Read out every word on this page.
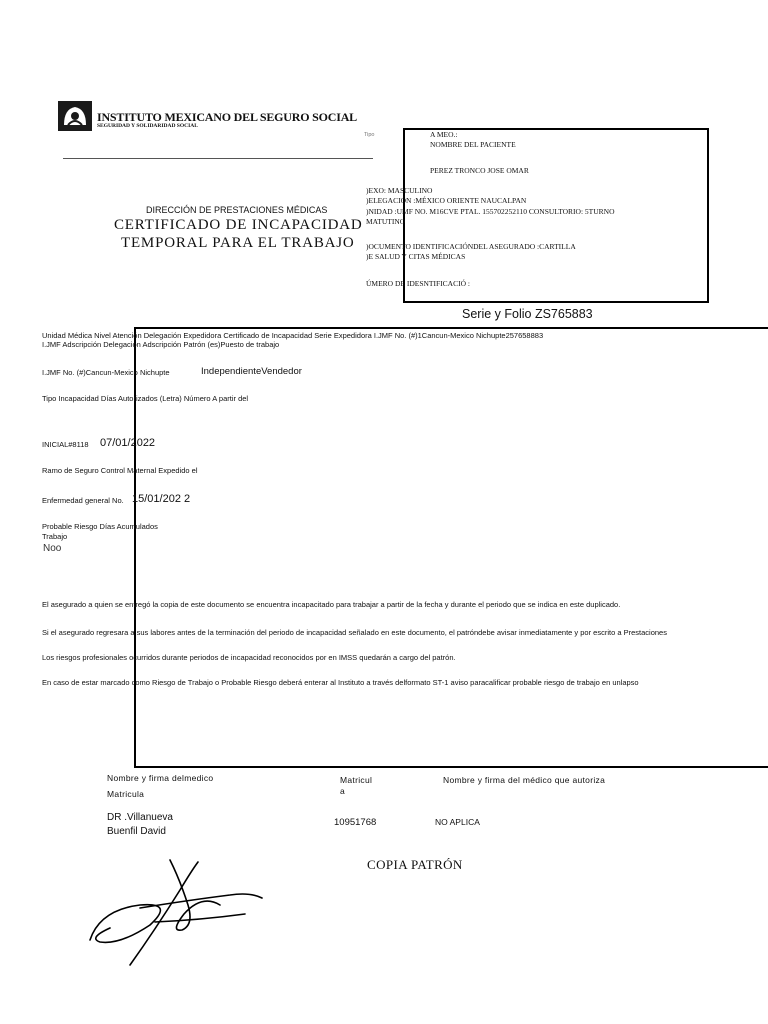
INSTITUTO MEXICANO DEL SEGURO SOCIAL
SEGURIDAD Y SOLIDARIDAD SOCIAL
Tipo
DIRECCIÓN DE PRESTACIONES MÉDICAS
CERTIFICADO DE INCAPACIDAD
TEMPORAL PARA EL TRABAJO
A MEO.:
NOMBRE DEL PACIENTE
PEREZ TRONCO JOSE OMAR
)EXO: MASCULINO
)ELEGACIÓN :MÉXICO ORIENTE NAUCALPAN
)NIDAD :UMF NO. M16CVE PTAL. 155702252110 CONSULTORIO: 5TURNO
MATUTINO
)OCUMENTO IDENTIFICACIÓNDEL ASEGURADO :CARTILLA
)E SALUD Y CITAS MÉDICAS
ÚMERO DE IDESNTIFICACIÓ :
Serie y Folio ZS765883
Unidad Médica Nivel Atención Delegación Expedidora Certificado de Incapacidad Serie Expedidora I.JMF No. (#)1Cancun-Mexico Nichupte257658883
I.JMF Adscripción Delegación Adscripción Patrón (es)Puesto de trabajo
I.JMF No. (#)Cancun-Mexico Nichupte	IndependienteVendedor
Tipo Incapacidad Días Autorizados (Letra) Número A partir del
INICIAL#8118 07/01/2022
Ramo de Seguro Control Maternal Expedido el
Enfermedad general No. 15/01/202 2
Probable Riesgo Días Acumulados
Trabajo
Noo
El asegurado a quien se entregó la copia de este documento se encuentra incapacitado para trabajar a partir de la fecha y durante el periodo que se indica en este duplicado.
Si el asegurado regresara a sus labores antes de la terminación del periodo de incapacidad señalado en este documento, el patróndebe avisar inmediatamente y por escrito a Prestaciones
Los riesgos profesionales ocurridos durante periodos de incapacidad reconocidos por en IMSS quedarán a cargo del patrón.
En caso de estar marcado como Riesgo de Trabajo o Probable Riesgo deberá enterar al Instituto a través delformato ST-1 aviso paracalificar probable riesgo de trabajo en unlapso
Nombre y firma delmedico
Matricula
Matricul
a
Nombre y firma del médico que autoriza
DR .Villanueva
Buenfil David
10951768	NO APLICA
COPIA PATRÓN
